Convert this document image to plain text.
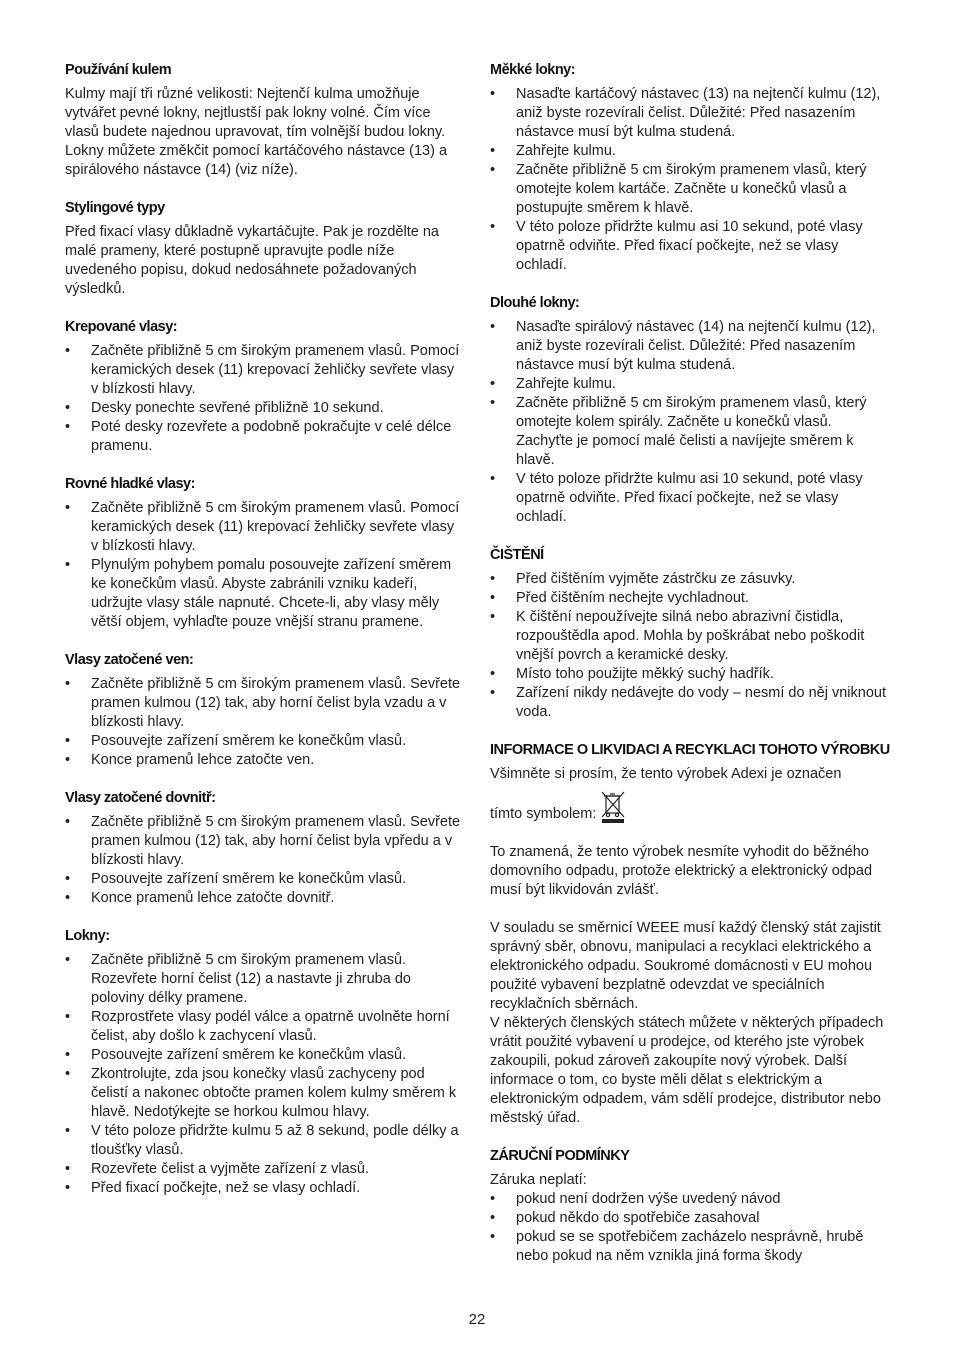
Používání kulem

Kulmy mají tři různé velikosti: Nejtenčí kulma umožňuje vytvářet pevné lokny, nejtlustší pak lokny volné. Čím více vlasů budete najednou upravovat, tím volnější budou lokny. Lokny můžete změkčit pomocí kartáčového nástavce (13) a spirálového nástavce (14) (viz níže).

Stylingové typy

Před fixací vlasy důkladně vykartáčujte. Pak je rozdělte na malé prameny, které postupně upravujte podle níže uvedeného popisu, dokud nedosáhnete požadovaných výsledků.

Krepované vlasy:
• Začněte přibližně 5 cm širokým pramenem vlasů. Pomocí keramických desek (11) krepovací žehličky sevřete vlasy v blízkosti hlavy.
• Desky ponechte sevřené přibližně 10 sekund.
• Poté desky rozevřete a podobně pokračujte v celé délce pramenu.
Rovné hladké vlasy:
• Začněte přibližně 5 cm širokým pramenem vlasů. Pomocí keramických desek (11) krepovací žehličky sevřete vlasy v blízkosti hlavy.
• Plynulým pohybem pomalu posouvejte zařízení směrem ke konečkům vlasů. Abyste zabránili vzniku kadeří, udržujte vlasy stále napnuté. Chcete-li, aby vlasy měly větší objem, vyhlaďte pouze vnější stranu pramene.
Vlasy zatočené ven:
• Začněte přibližně 5 cm širokým pramenem vlasů. Sevřete pramen kulmou (12) tak, aby horní čelist byla vzadu a v blízkosti hlavy.
• Posouvejte zařízení směrem ke konečkům vlasů.
• Konce pramenů lehce zatočte ven.
Vlasy zatočené dovnitř:
• Začněte přibližně 5 cm širokým pramenem vlasů. Sevřete pramen kulmou (12) tak, aby horní čelist byla vpředu a v blízkosti hlavy.
• Posouvejte zařízení směrem ke konečkům vlasů.
• Konce pramenů lehce zatočte dovnitř.
Lokny:
• Začněte přibližně 5 cm širokým pramenem vlasů. Rozevřete horní čelist (12) a nastavte ji zhruba do poloviny délky pramene.
• Rozprostřete vlasy podél válce a opatrně uvolněte horní čelist, aby došlo k zachycení vlasů.
• Posouvejte zařízení směrem ke konečkům vlasů.
• Zkontrolujte, zda jsou konečky vlasů zachyceny pod čelistí a nakonec obtočte pramen kolem kulmy směrem k hlavě. Nedotýkejte se horkou kulmou hlavy.
• V této poloze přidržte kulmu 5 až 8 sekund, podle délky a tloušťky vlasů.
• Rozevřete čelist a vyjměte zařízení z vlasů.
• Před fixací počkejte, než se vlasy ochladí.
Měkké lokny:
• Nasaďte kartáčový nástavec (13) na nejtenčí kulmu (12), aniž byste rozevírali čelist. Důležité: Před nasazením nástavce musí být kulma studená.
• Zahřejte kulmu.
• Začněte přibližně 5 cm širokým pramenem vlasů, který omotejte kolem kartáče. Začněte u konečků vlasů a postupujte směrem k hlavě.
• V této poloze přidržte kulmu asi 10 sekund, poté vlasy opatrně odviňte. Před fixací počkejte, než se vlasy ochladí.
Dlouhé lokny:
• Nasaďte spirálový nástavec (14) na nejtenčí kulmu (12), aniž byste rozevírali čelist. Důležité: Před nasazením nástavce musí být kulma studená.
• Zahřejte kulmu.
• Začněte přibližně 5 cm širokým pramenem vlasů, který omotejte kolem spirály. Začněte u konečků vlasů. Zachyťte je pomocí malé čelisti a navíjejte směrem k hlavě.
• V této poloze přidržte kulmu asi 10 sekund, poté vlasy opatrně odviňte. Před fixací počkejte, než se vlasy ochladí.
ČIŠTĚNÍ
• Před čištěním vyjměte zástrčku ze zásuvky.
• Před čištěním nechejte vychladnout.
• K čištění nepoužívejte silná nebo abrazivní čistidla, rozpouštědla apod. Mohla by poškrábat nebo poškodit vnější povrch a keramické desky.
• Místo toho použijte měkký suchý hadřík.
• Zařízení nikdy nedávejte do vody – nesmí do něj vniknout voda.
INFORMACE O LIKVIDACI A RECYKLACI TOHOTO VÝROBKU

Všimněte si prosím, že tento výrobek Adexi je označen

tímto symbolem:

To znamená, že tento výrobek nesmíte vyhodit do běžného domovního odpadu, protože elektrický a elektronický odpad musí být likvidován zvlášť.

V souladu se směrnicí WEEE musí každý členský stát zajistit správný sběr, obnovu, manipulaci a recyklaci elektrického a elektronického odpadu. Soukromé domácnosti v EU mohou použité vybavení bezplatně odevzdat ve speciálních recyklačních sběrnách.

V některých členských státech můžete v některých případech vrátit použité vybavení u prodejce, od kterého jste výrobek zakoupili, pokud zároveň zakoupíte nový výrobek. Další informace o tom, co byste měli dělat s elektrickým a elektronickým odpadem, vám sdělí prodejce, distributor nebo městský úřad.

ZÁRUČNÍ PODMÍNKY

Záruka neplatí:

• pokud není dodržen výše uvedený návod
• pokud někdo do spotřebiče zasahoval
• pokud se se spotřebičem zacházelo nesprávně, hrubě nebo pokud na něm vznikla jiná forma škody
22
